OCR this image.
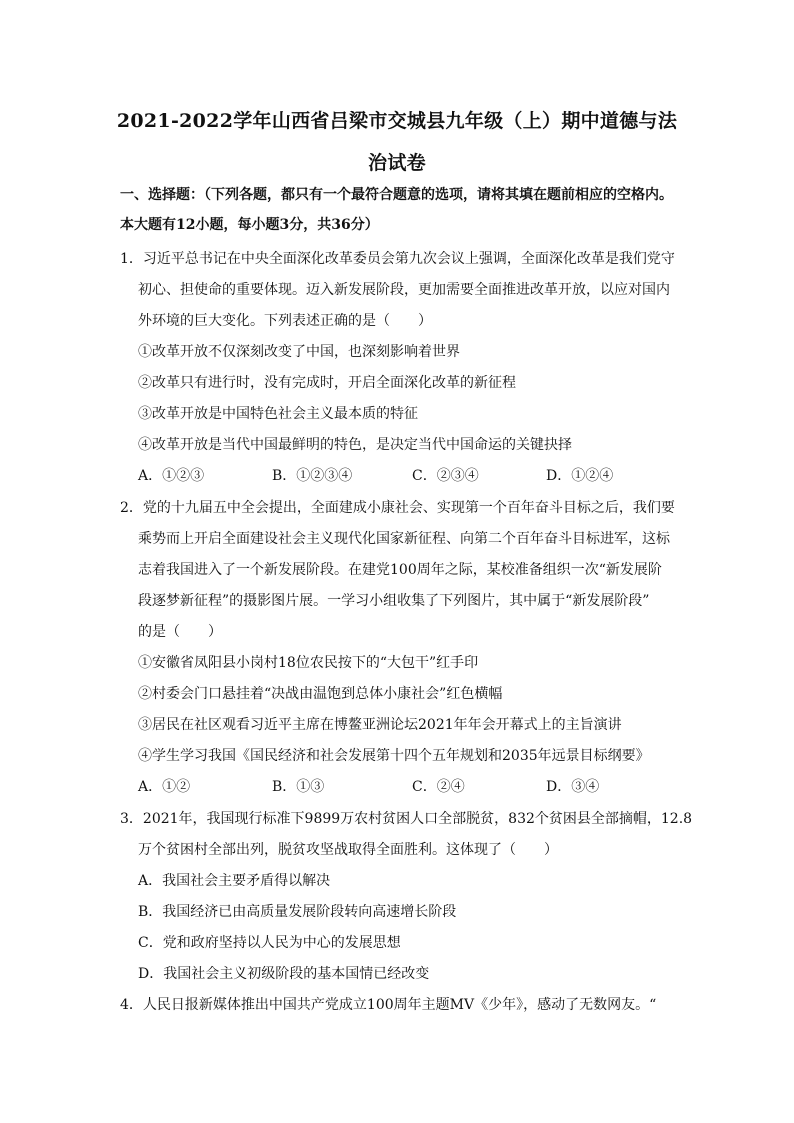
2021-2022学年山西省吕梁市交城县九年级（上）期中道德与法
治试卷
一、选择题：（下列各题，都只有一个最符合题意的选项，请将其填在题前相应的空格内。
本大题有12小题，每小题3分，共36分）
1．习近平总书记在中央全面深化改革委员会第九次会议上强调，全面深化改革是我们党守
初心、担使命的重要体现。迈入新发展阶段，更加需要全面推进改革开放，以应对国内
外环境的巨大变化。下列表述正确的是（　　）
①改革开放不仅深刻改变了中国，也深刻影响着世界
②改革只有进行时，没有完成时，开启全面深化改革的新征程
③改革开放是中国特色社会主义最本质的特征
④改革开放是当代中国最鲜明的特色，是决定当代中国命运的关键抉择
A．①②③	B．①②③④	C．②③④	D．①②④
2．党的十九届五中全会提出，全面建成小康社会、实现第一个百年奋斗目标之后，我们要
乘势而上开启全面建设社会主义现代化国家新征程、向第二个百年奋斗目标进军，这标
志着我国进入了一个新发展阶段。在建党100周年之际，某校准备组织一次“新发展阶
段逐梦新征程”的摄影图片展。一学习小组收集了下列图片，其中属于“新发展阶段”
的是（　　）
①安徽省凤阳县小岗村18位农民按下的“大包干”红手印
②村委会门口悬挂着“决战由温饱到总体小康社会”红色横幅
③居民在社区观看习近平主席在博鳌亚洲论坛2021年年会开幕式上的主旨演讲
④学生学习我国《国民经济和社会发展第十四个五年规划和2035年远景目标纲要》
A．①②	B．①③	C．②④	D．③④
3．2021年，我国现行标准下9899万农村贫困人口全部脱贫，832个贫困县全部摘帽，12.8
万个贫困村全部出列，脱贫攻坚战取得全面胜利。这体现了（　　）
A．我国社会主要矛盾得以解决
B．我国经济已由高质量发展阶段转向高速增长阶段
C．党和政府坚持以人民为中心的发展思想
D．我国社会主义初级阶段的基本国情已经改变
4．人民日报新媒体推出中国共产党成立100周年主题MV《少年》，感动了无数网友。“
